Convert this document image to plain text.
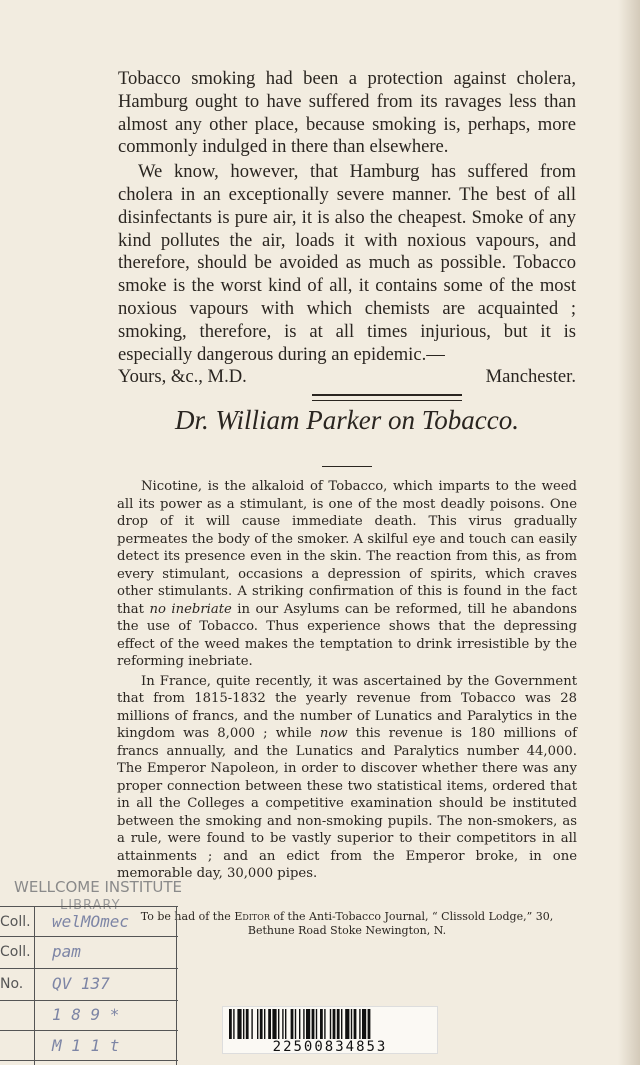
Tobacco smoking had been a protection against cholera, Hamburg ought to have suffered from its ravages less than almost any other place, because smoking is, perhaps, more commonly indulged in there than elsewhere.

We know, however, that Hamburg has suffered from cholera in an exceptionally severe manner. The best of all disinfectants is pure air, it is also the cheapest. Smoke of any kind pollutes the air, loads it with noxious vapours, and therefore, should be avoided as much as possible. Tobacco smoke is the worst kind of all, it contains some of the most noxious vapours with which chemists are acquainted ; smoking, therefore, is at all times injurious, but it is especially dangerous during an epidemic.—

Yours, &c., M.D.	Manchester.
Dr. William Parker on Tobacco.

Nicotine, is the alkaloid of Tobacco, which imparts to the weed all its power as a stimulant, is one of the most deadly poisons. One drop of it will cause immediate death. This virus gradually permeates the body of the smoker. A skilful eye and touch can easily detect its presence even in the skin. The reaction from this, as from every stimulant, occasions a depression of spirits, which craves other stimulants. A striking confirmation of this is found in the fact that no inebriate in our Asylums can be reformed, till he abandons the use of Tobacco. Thus experience shows that the depressing effect of the weed makes the temptation to drink irresistible by the reforming inebriate.

In France, quite recently, it was ascertained by the Government that from 1815-1832 the yearly revenue from Tobacco was 28 millions of francs, and the number of Lunatics and Paralytics in the kingdom was 8,000 ; while now this revenue is 180 millions of francs annually, and the Lunatics and Paralytics number 44,000. The Emperor Napoleon, in order to discover whether there was any proper connection between these two statistical items, ordered that in all the Colleges a competitive examination should be instituted between the smoking and non-smoking pupils. The non-smokers, as a rule, were found to be vastly superior to their competitors in all attainments ; and an edict from the Emperor broke, in one memorable day, 30,000 pipes.

To be had of the Editor of the Anti-Tobacco Journal, “ Clissold Lodge,” 30, Bethune Road Stoke Newington, N.
WELLCOME INSTITUTE
LIBRARY
Coll. welMOmec
Coll. pam
No. QV 137
1 8 9 *
M 1 1 t	22500834853
